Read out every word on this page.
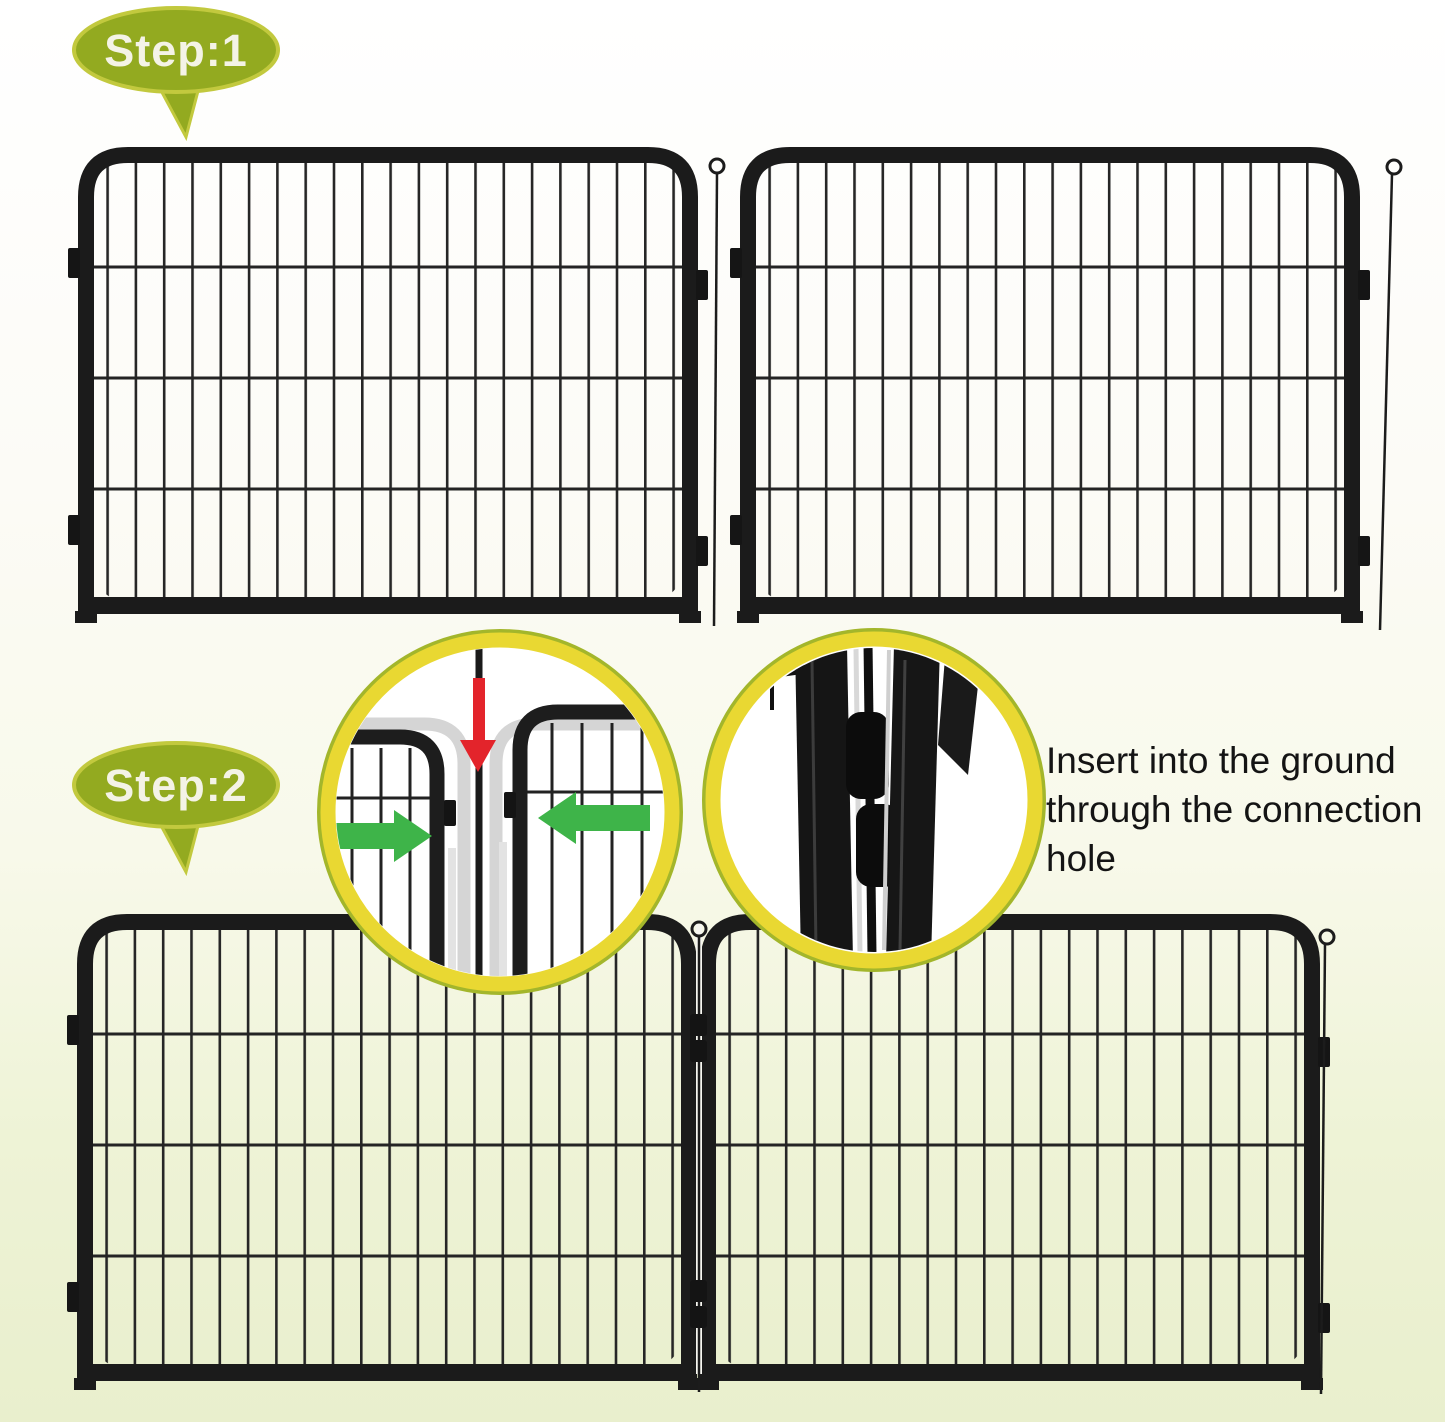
Step:1
Step:2	Insert into the ground through the connection hole
